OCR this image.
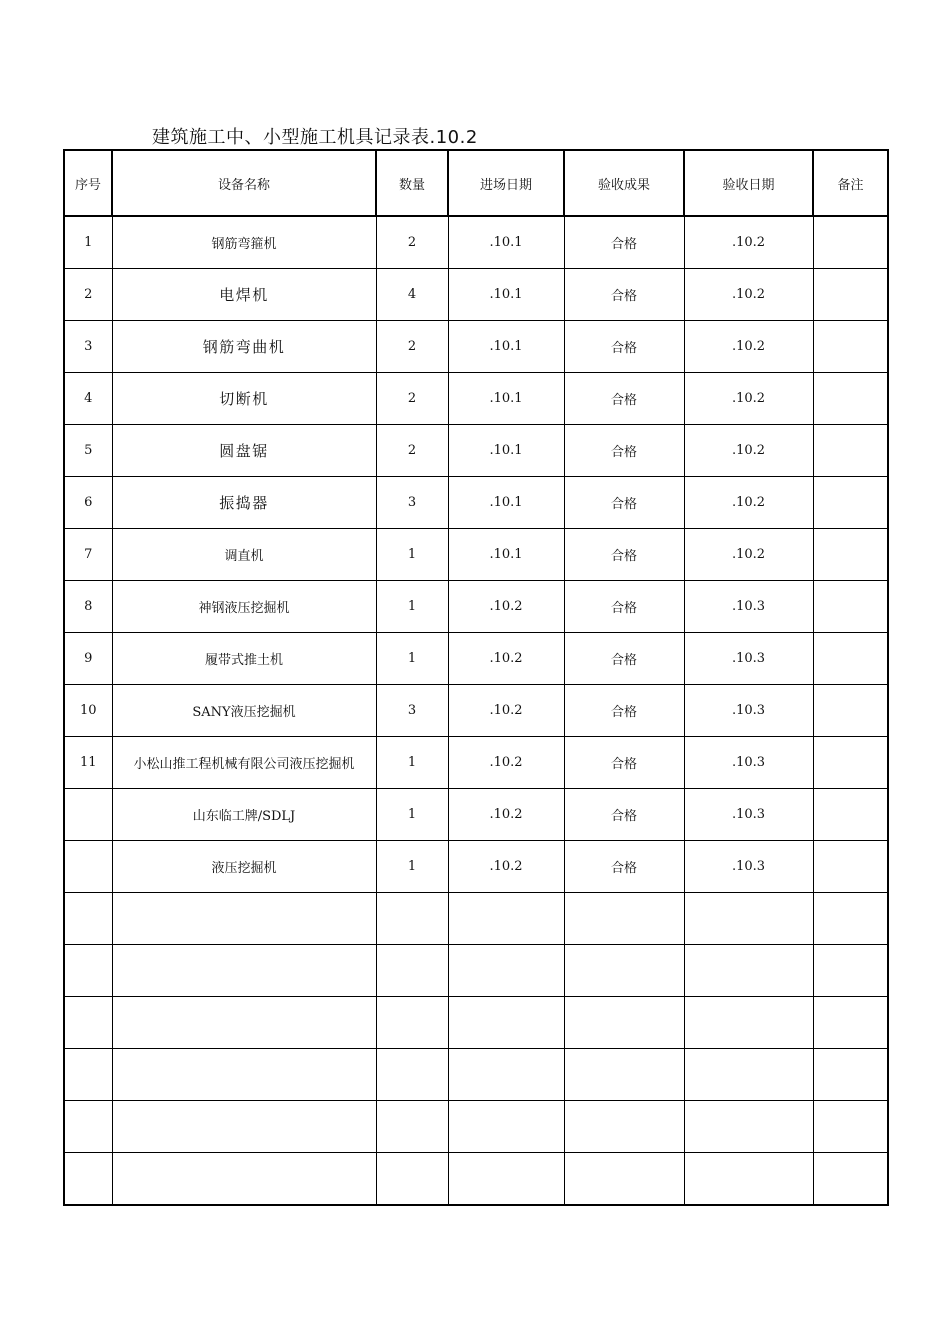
建筑施工中、小型施工机具记录表.10.2
序号	设备名称	数量	进场日期	验收成果	验收日期	备注
1	钢筋弯箍机	2	.10.1	合格	.10.2	
2	电焊机	4	.10.1	合格	.10.2	
3	钢筋弯曲机	2	.10.1	合格	.10.2	
4	切断机	2	.10.1	合格	.10.2	
5	圆盘锯	2	.10.1	合格	.10.2	
6	振捣器	3	.10.1	合格	.10.2	
7	调直机	1	.10.1	合格	.10.2	
8	神钢液压挖掘机	1	.10.2	合格	.10.3	
9	履带式推土机	1	.10.2	合格	.10.3	
10	SANY液压挖掘机	3	.10.2	合格	.10.3	
11	小松山推工程机械有限公司液压挖掘机	1	.10.2	合格	.10.3	
	山东临工牌/SDLJ	1	.10.2	合格	.10.3	
	液压挖掘机	1	.10.2	合格	.10.3	
